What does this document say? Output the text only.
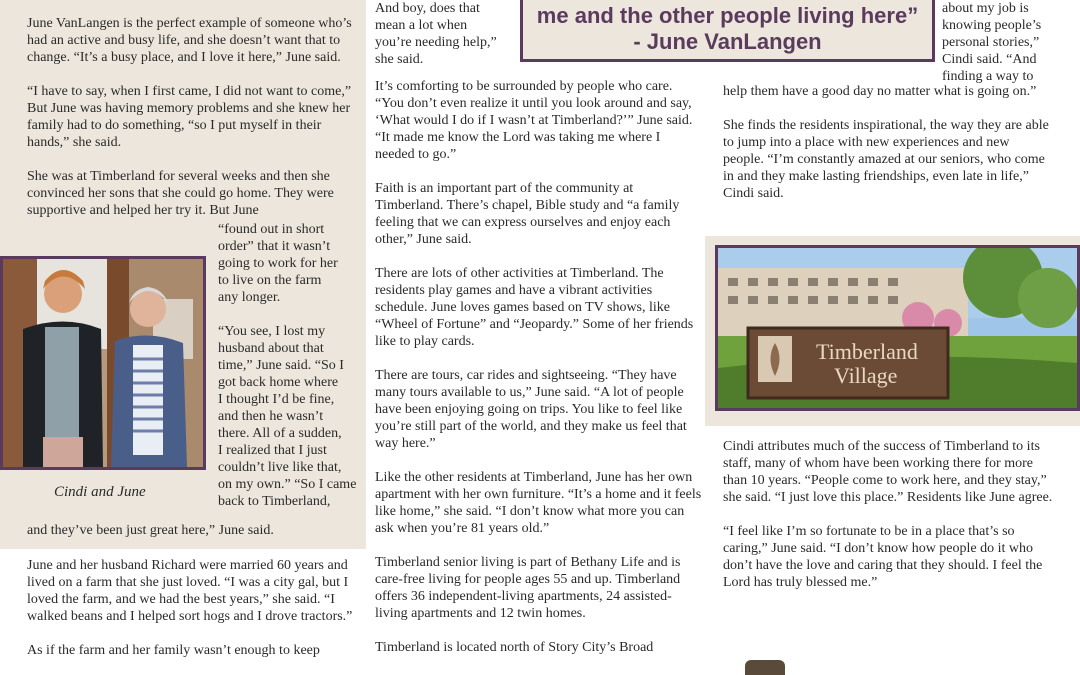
June VanLangen is the perfect example of someone who’s had an active and busy life, and she doesn’t want that to change. “It’s a busy place, and I love it here,” June said.

“I have to say, when I first came, I did not want to come,” But June was having memory problems and she knew her family had to do something, “so I put myself in their hands,” she said.

She was at Timberland for several weeks and then she convinced her sons that she could go home. They were supportive and helped her try it. But June

Cindi and June
“found out in short
order” that it wasn’t
going to work for her
to live on the farm
any longer.
“You see, I lost my
husband about that
time,” June said. “So I
got back home where
I thought I’d be fine,
and then he wasn’t
there. All of a sudden,
I realized that I just
couldn’t live like that,
on my own.” “So I came
back to Timberland,
and they’ve been just great here,” June said.

June and her husband Richard were married 60 years and lived on a farm that she just loved. “I was a city gal, but I loved the farm, and we had the best years,” she said. “I walked beans and I helped sort hogs and I drove tractors.”

As if the farm and her family wasn’t enough to keep

And boy, does that
mean a lot when
you’re needing help,”
she said.

It’s comforting to be surrounded by people who care. “You don’t even realize it until you look around and say, ‘What would I do if I wasn’t at Timberland?’” June said. “It made me know the Lord was taking me where I needed to go.”

Faith is an important part of the community at Timberland. There’s chapel, Bible study and “a family feeling that we can express ourselves and enjoy each other,” June said.

There are lots of other activities at Timberland. The residents play games and have a vibrant activities schedule. June loves games based on TV shows, like “Wheel of Fortune” and “Jeopardy.” Some of her friends like to play cards.

There are tours, car rides and sightseeing. “They have many tours available to us,” June said. “A lot of people have been enjoying going on trips. You like to feel like you’re still part of the world, and they make us feel that way here.”

Like the other residents at Timberland, June has her own apartment with her own furniture. “It’s a home and it feels like home,” she said. “I don’t know what more you can ask when you’re 81 years old.”

Timberland senior living is part of Bethany Life and is care-free living for people ages 55 and up. Timberland offers 36 independent-living apartments, 24 assisted-living apartments and 12 twin homes.

Timberland is located north of Story City’s Broad

me and the other people living here”
- June VanLangen
about my job is
knowing people’s
personal stories,”
Cindi said. “And
finding a way to

help them have a good day no matter what is going on.”

She finds the residents inspirational, the way they are able to jump into a place with new experiences and new people. “I’m constantly amazed at our seniors, who come in and they make lasting friendships, even late in life,” Cindi said.

Timberland
Village

Cindi attributes much of the success of Timberland to its staff, many of whom have been working there for more than 10 years. “People come to work here, and they stay,” she said. “I just love this place.” Residents like June agree.

“I feel like I’m so fortunate to be in a place that’s so caring,” June said. “I don’t know how people do it who don’t have the love and caring that they should. I feel the Lord has truly blessed me.”
